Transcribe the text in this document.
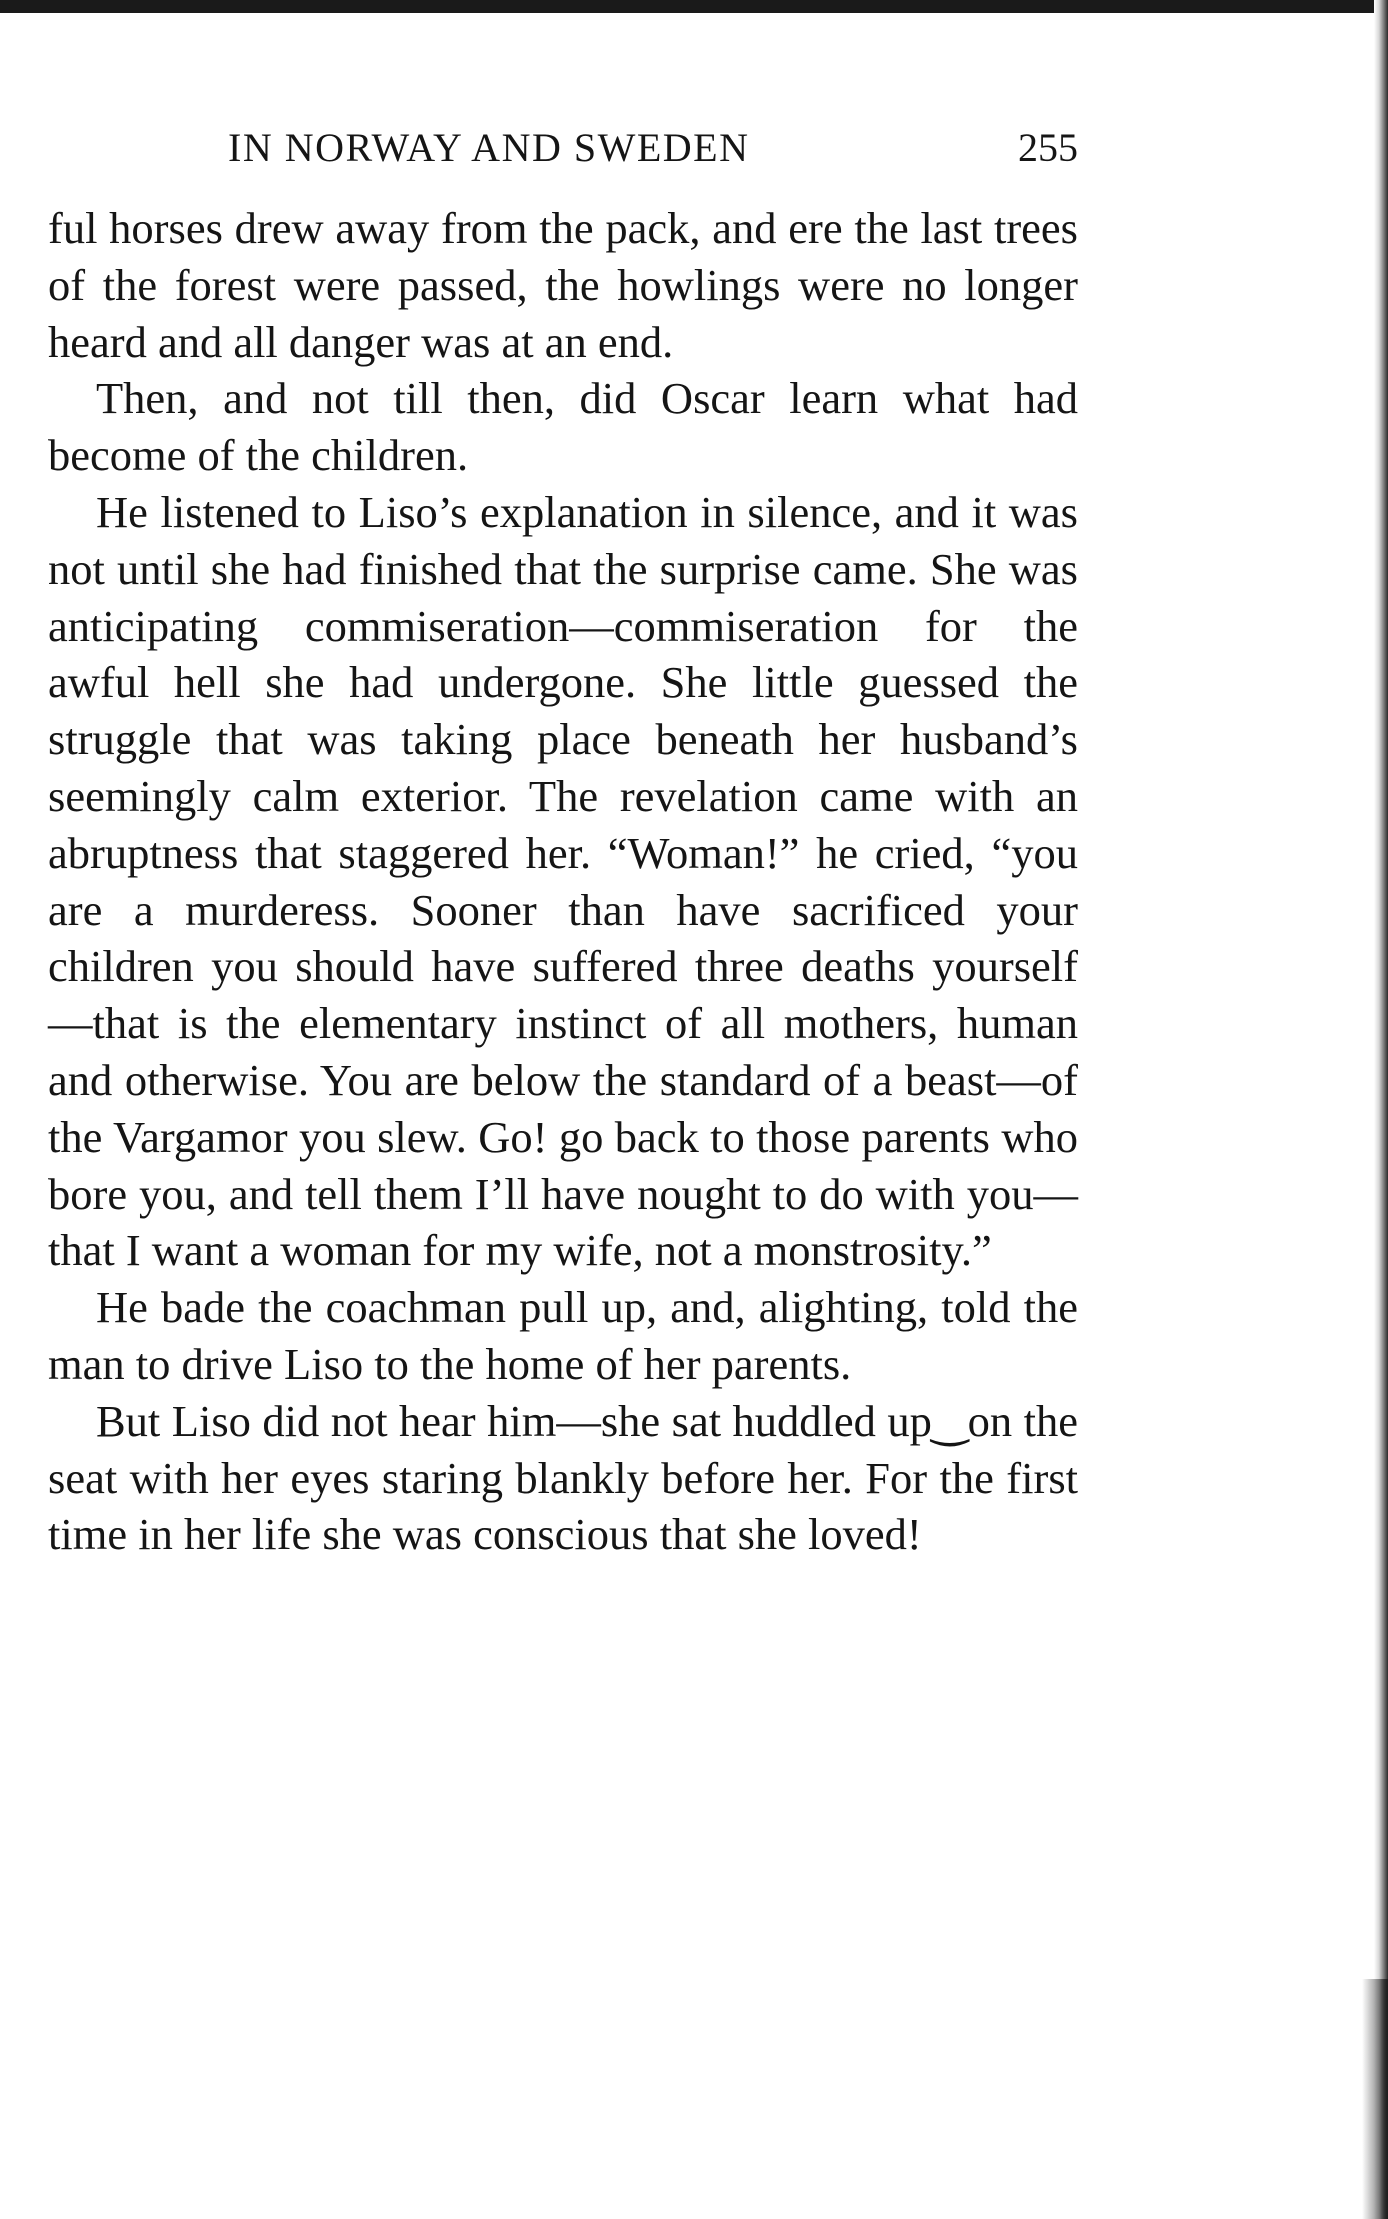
IN NORWAY AND SWEDEN	255

ful horses drew away from the pack, and ere the last trees of the forest were passed, the howlings were no longer heard and all danger was at an end.

Then, and not till then, did Oscar learn what had become of the children.

He listened to Liso’s explanation in silence, and it was not until she had finished that the surprise came. She was anticipating commiseration—commiseration for the awful hell she had undergone. She little guessed the struggle that was taking place beneath her husband’s seemingly calm exterior. The revelation came with an abruptness that staggered her. “Woman!” he cried, “you are a murderess. Sooner than have sacrificed your children you should have suffered three deaths yourself—that is the elementary instinct of all mothers, human and otherwise. You are below the standard of a beast—of the Vargamor you slew. Go! go back to those parents who bore you, and tell them I’ll have nought to do with you—that I want a woman for my wife, not a monstrosity.”

He bade the coachman pull up, and, alighting, told the man to drive Liso to the home of her parents.

But Liso did not hear him—she sat huddled up‿on the seat with her eyes staring blankly before her. For the first time in her life she was conscious that she loved!
